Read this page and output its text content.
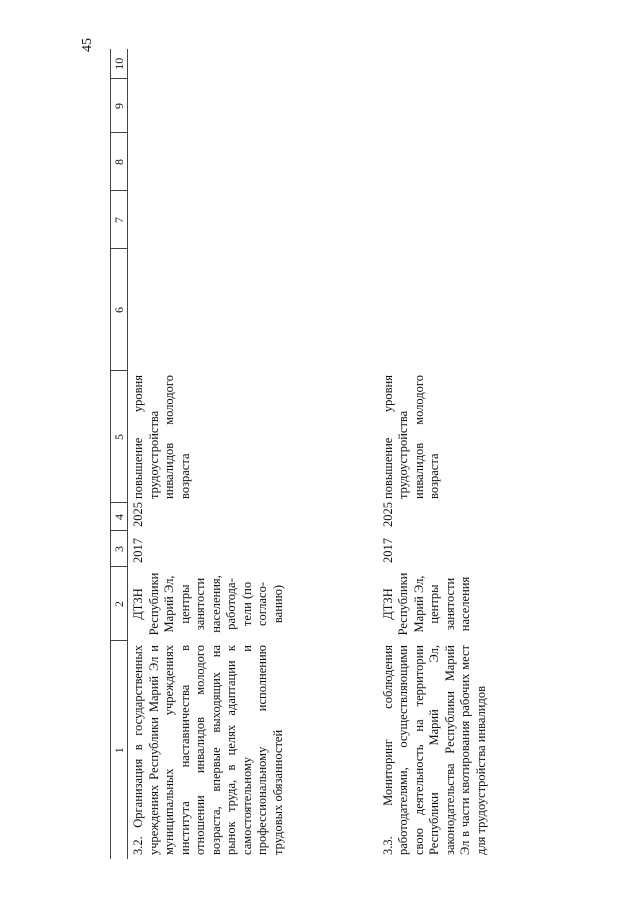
45
1	2	3	4	5	6	7	8	9	10
3.2. Организация в государственных учреждениях Республики Марий Эл и муниципальных учреждениях института наставничества в отношении инвалидов молодого возраста, впервые выходящих на рынок труда, в целях адаптации к самостоятельному и профессиональному исполнению трудовых обязанностей	ДТЗН Республики Марий Эл, центры занятости населения, работода-тели (по согласо-ванию)	2017	2025	повышение уровня трудоустройства инвалидов молодого возраста					
3.3. Мониторинг соблюдения работодателями, осуществляющими свою деятельность на территории Республики Марий Эл, законодательства Республики Марий Эл в части квотирования рабочих мест для трудоустройства инвалидов	ДТЗН Республики Марий Эл, центры занятости населения	2017	2025	повышение уровня трудоустройства инвалидов молодого возраста					
